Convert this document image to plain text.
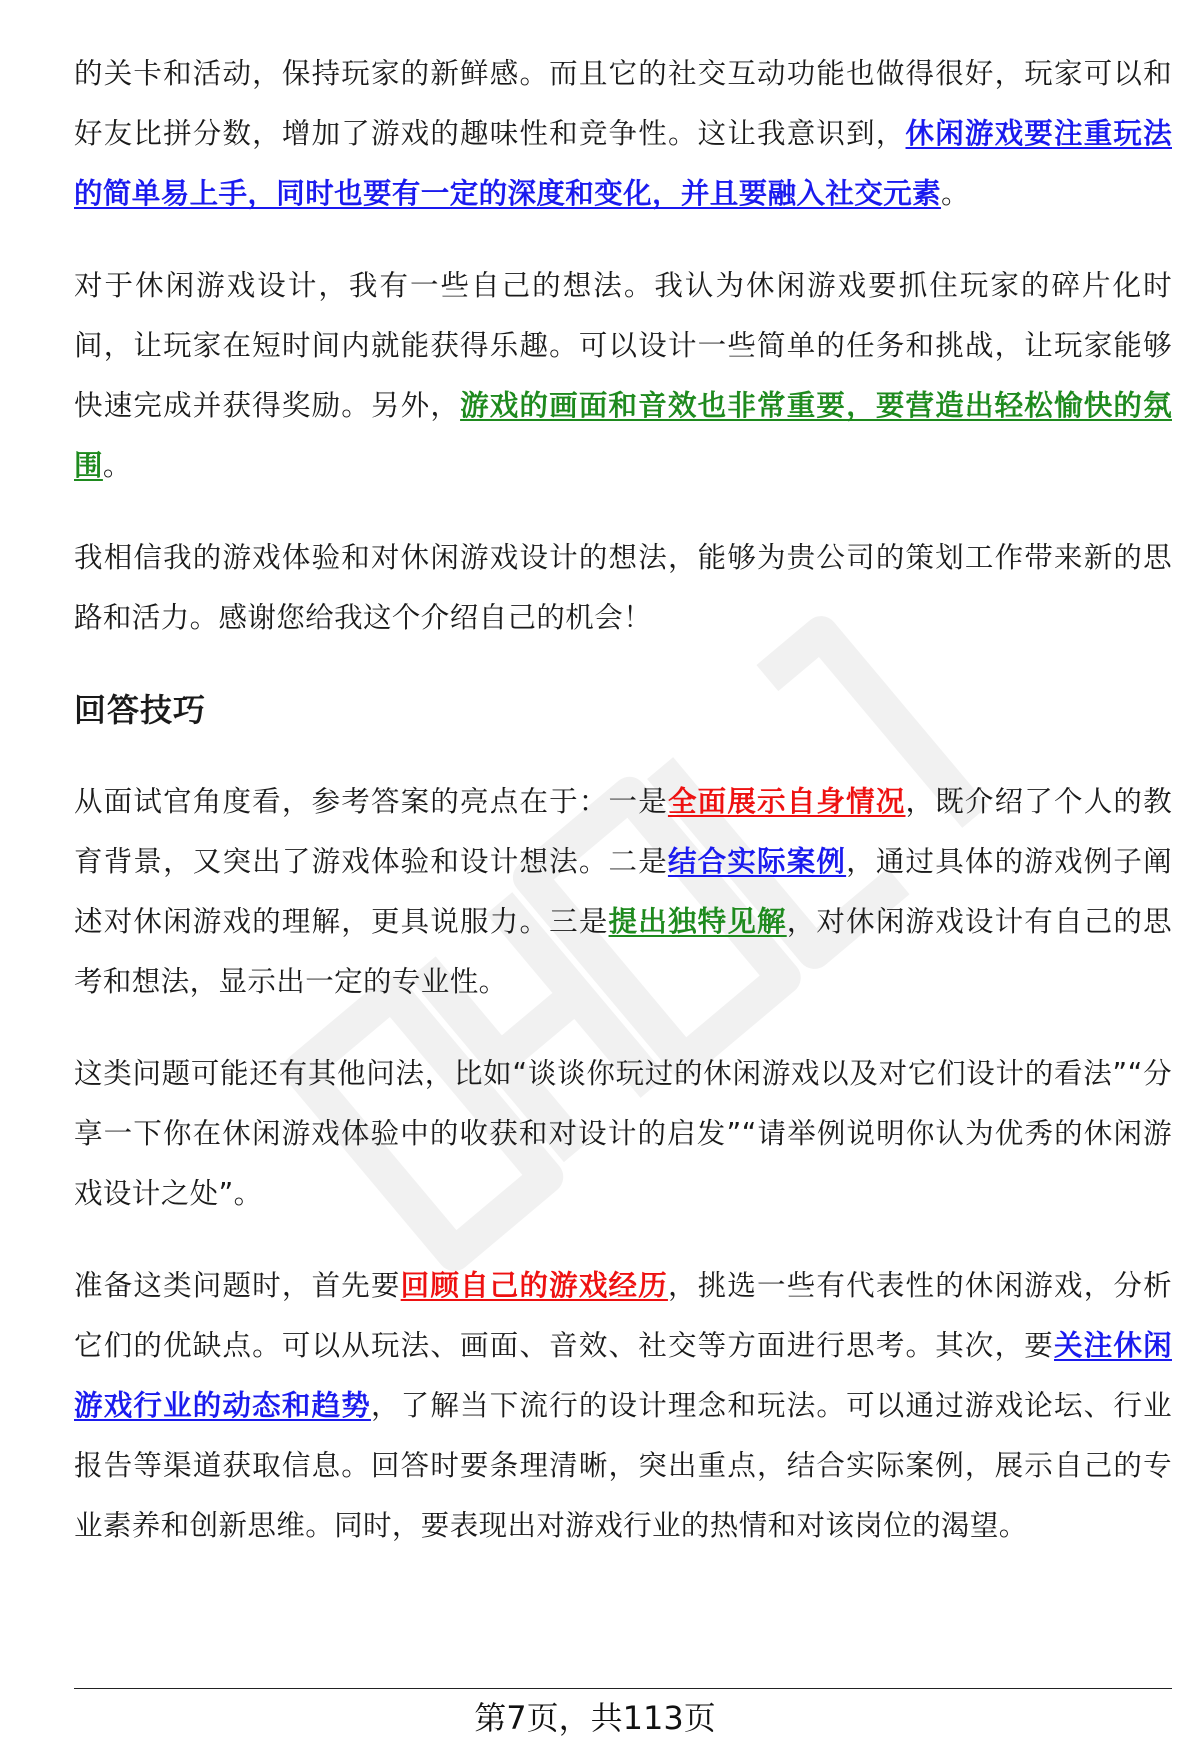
的关卡和活动，保持玩家的新鲜感。而且它的社交互动功能也做得很好，玩家可以和好友比拼分数，增加了游戏的趣味性和竞争性。这让我意识到，休闲游戏要注重玩法的简单易上手，同时也要有一定的深度和变化，并且要融入社交元素。

对于休闲游戏设计，我有一些自己的想法。我认为休闲游戏要抓住玩家的碎片化时间，让玩家在短时间内就能获得乐趣。可以设计一些简单的任务和挑战，让玩家能够快速完成并获得奖励。另外，游戏的画面和音效也非常重要，要营造出轻松愉快的氛围。

我相信我的游戏体验和对休闲游戏设计的想法，能够为贵公司的策划工作带来新的思路和活力。感谢您给我这个介绍自己的机会！

回答技巧

从面试官角度看，参考答案的亮点在于：一是全面展示自身情况，既介绍了个人的教育背景，又突出了游戏体验和设计想法。二是结合实际案例，通过具体的游戏例子阐述对休闲游戏的理解，更具说服力。三是提出独特见解，对休闲游戏设计有自己的思考和想法，显示出一定的专业性。

这类问题可能还有其他问法，比如“谈谈你玩过的休闲游戏以及对它们设计的看法”“分享一下你在休闲游戏体验中的收获和对设计的启发”“请举例说明你认为优秀的休闲游戏设计之处”。

准备这类问题时，首先要回顾自己的游戏经历，挑选一些有代表性的休闲游戏，分析它们的优缺点。可以从玩法、画面、音效、社交等方面进行思考。其次，要关注休闲游戏行业的动态和趋势，了解当下流行的设计理念和玩法。可以通过游戏论坛、行业报告等渠道获取信息。回答时要条理清晰，突出重点，结合实际案例，展示自己的专业素养和创新思维。同时，要表现出对游戏行业的热情和对该岗位的渴望。

第7页，共113页
